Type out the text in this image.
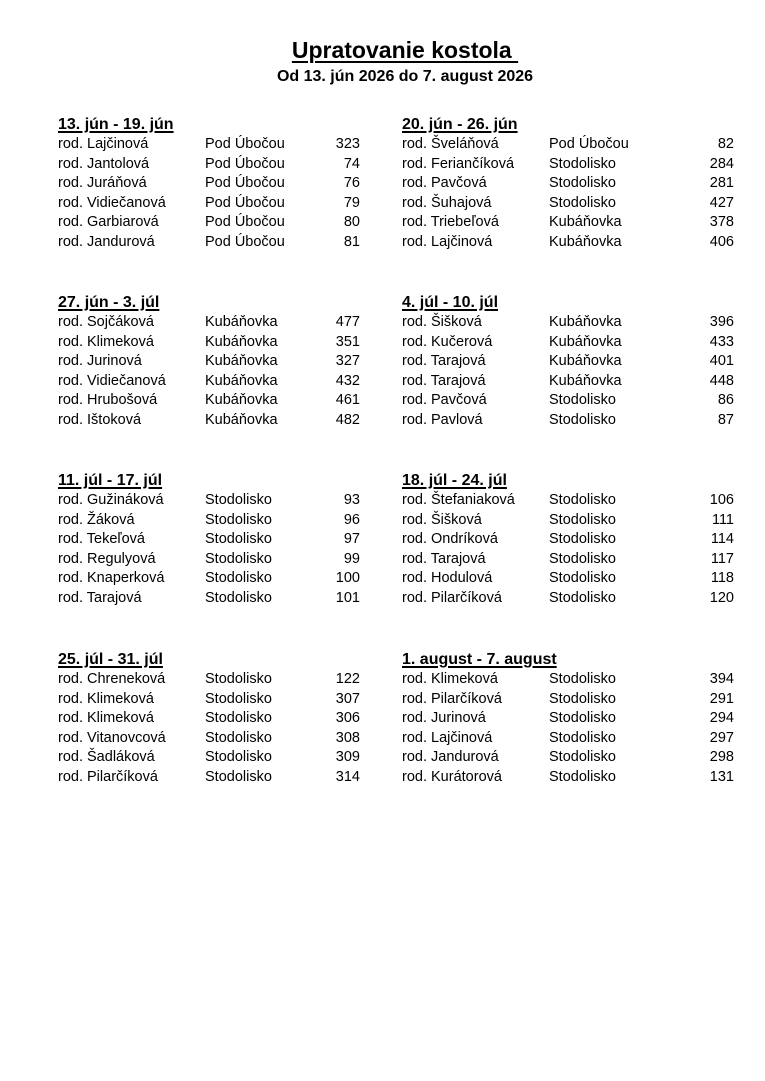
Upratovanie kostola
Od 13. jún 2026 do 7. august 2026
13. jún - 19. jún
rod. Lajčinová	Pod Úbočou	323
rod. Jantolová	Pod Úbočou	74
rod. Juráňová	Pod Úbočou	76
rod. Vidiečanová	Pod Úbočou	79
rod. Garbiarová	Pod Úbočou	80
rod. Jandurová	Pod Úbočou	81
20. jún - 26. jún
rod. Šveláňová	Pod Úbočou	82
rod. Feriančíková Stodolisko	284
rod. Pavčová	Stodolisko	281
rod. Šuhajová	Stodolisko	427
rod. Triebeľová	Kubáňovka	378
rod. Lajčinová	Kubáňovka	406
27. jún - 3. júl
rod. Sojčáková	Kubáňovka	477
rod. Klimeková	Kubáňovka	351
rod. Jurinová	Kubáňovka	327
rod. Vidiečanová	Kubáňovka	432
rod. Hrubošová	Kubáňovka	461
rod. Ištoková	Kubáňovka	482
4. júl - 10. júl
rod. Šišková	Kubáňovka	396
rod. Kučerová	Kubáňovka	433
rod. Tarajová	Kubáňovka	401
rod. Tarajová	Kubáňovka	448
rod. Pavčová	Stodolisko	86
rod. Pavlová	Stodolisko	87
11. júl - 17. júl
rod. Gužináková	Stodolisko	93
rod. Žáková	Stodolisko	96
rod. Tekeľová	Stodolisko	97
rod. Regulyová	Stodolisko	99
rod. Knaperková	Stodolisko	100
rod. Tarajová	Stodolisko	101
18. júl - 24. júl
rod. Štefaniaková Stodolisko	106
rod. Šišková	Stodolisko	111
rod. Ondríková	Stodolisko	114
rod. Tarajová	Stodolisko	117
rod. Hodulová	Stodolisko	118
rod. Pilarčíková	Stodolisko	120
25. júl - 31. júl
rod. Chreneková	Stodolisko	122
rod. Klimeková	Stodolisko	307
rod. Klimeková	Stodolisko	306
rod. Vitanovcová	Stodolisko	308
rod. Šadláková	Stodolisko	309
rod. Pilarčíková	Stodolisko	314
1. august - 7. august
rod. Klimeková	Stodolisko	394
rod. Pilarčíková	Stodolisko	291
rod. Jurinová	Stodolisko	294
rod. Lajčinová	Stodolisko	297
rod. Jandurová	Stodolisko	298
rod. Kurátorová	Stodolisko	131
